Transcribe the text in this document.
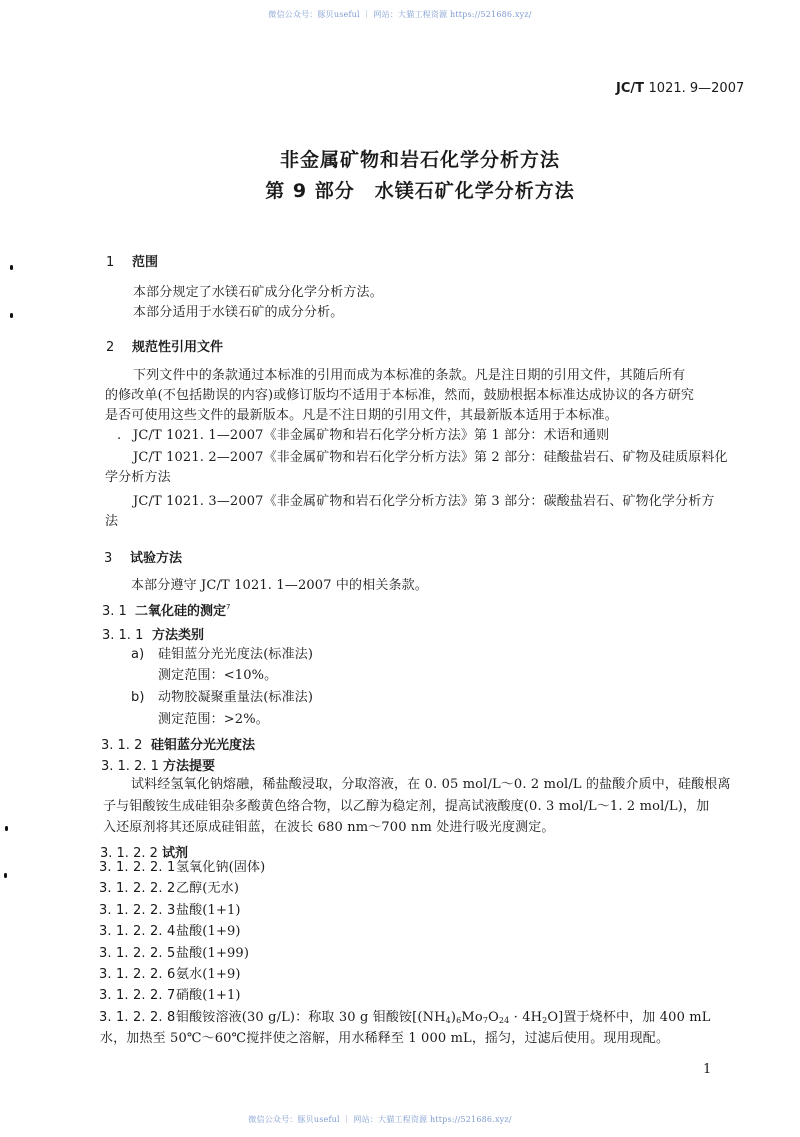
微信公众号：豚贝useful ｜ 网站：大猫工程资源 https://521686.xyz/
JC/T 1021. 9—2007
非金属矿物和岩石化学分析方法
第 9 部分　水镁石矿化学分析方法
1 范围
本部分规定了水镁石矿成分化学分析方法。
本部分适用于水镁石矿的成分分析。
2 规范性引用文件
下列文件中的条款通过本标准的引用而成为本标准的条款。凡是注日期的引用文件，其随后所有
的修改单(不包括勘误的内容)或修订版均不适用于本标准，然而，鼓励根据本标准达成协议的各方研究
是否可使用这些文件的最新版本。凡是不注日期的引用文件，其最新版本适用于本标准。
. JC/T 1021. 1—2007《非金属矿物和岩石化学分析方法》第 1 部分：术语和通则
JC/T 1021. 2—2007《非金属矿物和岩石化学分析方法》第 2 部分：硅酸盐岩石、矿物及硅质原料化
学分析方法
JC/T 1021. 3—2007《非金属矿物和岩石化学分析方法》第 3 部分：碳酸盐岩石、矿物化学分析方
法
3 试验方法
本部分遵守 JC/T 1021. 1—2007 中的相关条款。
3. 1 二氧化硅的测定$^7$
3. 1. 1 方法类别
a) 硅钼蓝分光光度法(标准法)
测定范围：<10%。
b) 动物胶凝聚重量法(标准法)
测定范围：>2%。
3. 1. 2 硅钼蓝分光光度法
3. 1. 2. 1 方法提要
试料经氢氧化钠熔融，稀盐酸浸取，分取溶液，在 0. 05 mol/L～0. 2 mol/L 的盐酸介质中，硅酸根离
子与钼酸铵生成硅钼杂多酸黄色络合物，以乙醇为稳定剂，提高试液酸度(0. 3 mol/L～1. 2 mol/L)，加
入还原剂将其还原成硅钼蓝，在波长 680 nm～700 nm 处进行吸光度测定。
3. 1. 2. 2 试剂
3. 1. 2. 2. 1氢氧化钠(固体)
3. 1. 2. 2. 2乙醇(无水)
3. 1. 2. 2. 3盐酸(1+1)
3. 1. 2. 2. 4盐酸(1+9)
3. 1. 2. 2. 5盐酸(1+99)
3. 1. 2. 2. 6氨水(1+9)
3. 1. 2. 2. 7硝酸(1+1)
3. 1. 2. 2. 8钼酸铵溶液(30 g/L)：称取 30 g 钼酸铵$[(NH_4)_6Mo_7O_{24} \cdot 4H_2O]$置于烧杯中，加 400 mL
水，加热至 50℃～60℃搅拌使之溶解，用水稀释至 1 000 mL，摇匀，过滤后使用。现用现配。
1
微信公众号：豚贝useful ｜ 网站：大猫工程资源 https://521686.xyz/
